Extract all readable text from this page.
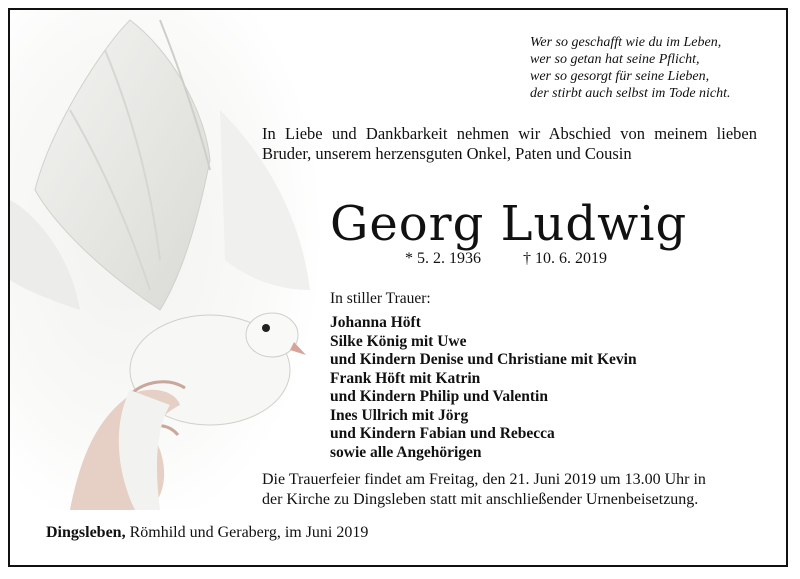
Wer so geschafft wie du im Leben,
wer so getan hat seine Pflicht,
wer so gesorgt für seine Lieben,
der stirbt auch selbst im Tode nicht.
In Liebe und Dankbarkeit nehmen wir Abschied von meinem lieben Bruder, unserem herzensguten Onkel, Paten und Cousin
Georg Ludwig
* 5. 2. 1936	† 10. 6. 2019
In stiller Trauer:
Johanna Höft
Silke König mit Uwe
und Kindern Denise und Christiane mit Kevin
Frank Höft mit Katrin
und Kindern Philip und Valentin
Ines Ullrich mit Jörg
und Kindern Fabian und Rebecca
sowie alle Angehörigen
Die Trauerfeier findet am Freitag, den 21. Juni 2019 um 13.00 Uhr in
der Kirche zu Dingsleben statt mit anschließender Urnenbeisetzung.
Dingsleben, Römhild und Geraberg, im Juni 2019
